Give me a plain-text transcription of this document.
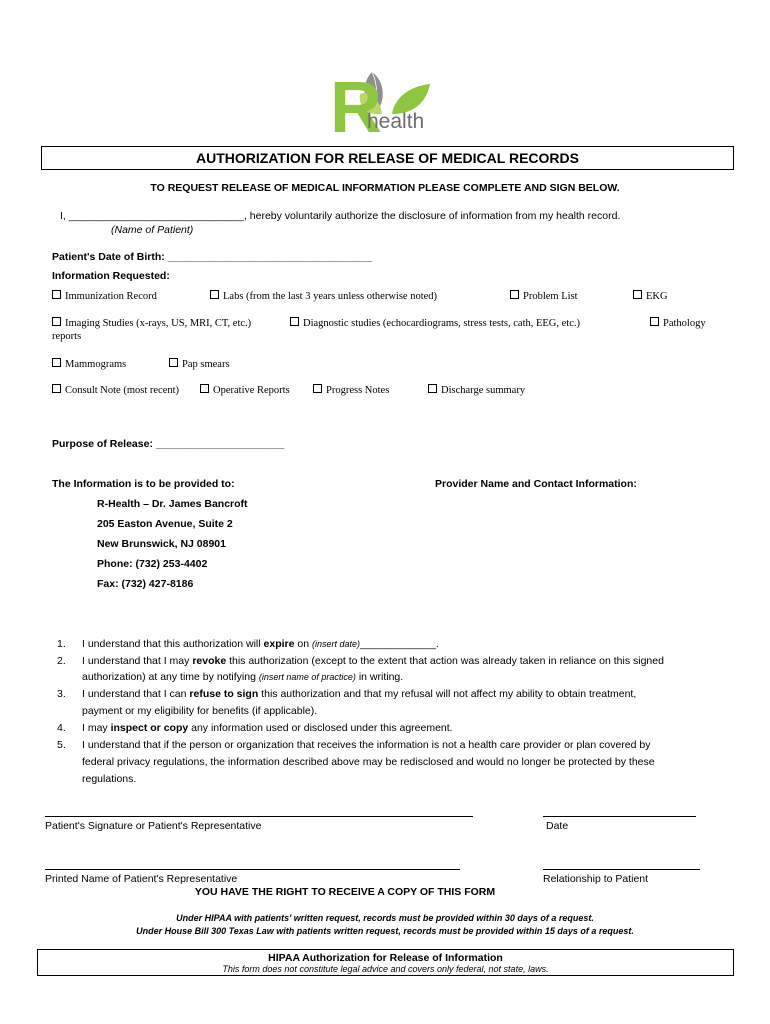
R
health
AUTHORIZATION FOR RELEASE OF MEDICAL RECORDS
TO REQUEST RELEASE OF MEDICAL INFORMATION PLEASE COMPLETE AND SIGN BELOW.
I, ______________________________, hereby voluntarily authorize the disclosure of information from my health record.
(Name of Patient)
Patient's Date of Birth: ___________________________________
Information Requested:
Immunization Record	Labs (from the last 3 years unless otherwise noted)	Problem List	EKG
Imaging Studies (x-rays, US, MRI, CT, etc.)
reports
Diagnostic studies (echocardiograms, stress tests, cath, EEG, etc.)	Pathology
Mammograms	Pap smears
Consult Note (most recent)	Operative Reports	Progress Notes	Discharge summary
Purpose of Release: ______________________
The Information is to be provided to:	Provider Name and Contact Information:
R-Health – Dr. James Bancroft
205 Easton Avenue, Suite 2
New Brunswick, NJ 08901
Phone: (732) 253-4402
Fax: (732) 427-8186
1. I understand that this authorization will expire on (insert date)_____________.
2. I understand that I may revoke this authorization (except to the extent that action was already taken in reliance on this signed
authorization) at any time by notifying (insert name of practice) in writing.
3. I understand that I can refuse to sign this authorization and that my refusal will not affect my ability to obtain treatment,
payment or my eligibility for benefits (if applicable).
4. I may inspect or copy any information used or disclosed under this agreement.
5. I understand that if the person or organization that receives the information is not a health care provider or plan covered by
federal privacy regulations, the information described above may be redisclosed and would no longer be protected by these
regulations.
Patient's Signature or Patient's Representative	Date
Printed Name of Patient's Representative	Relationship to Patient
YOU HAVE THE RIGHT TO RECEIVE A COPY OF THIS FORM
Under HIPAA with patients' written request, records must be provided within 30 days of a request.
Under House Bill 300 Texas Law with patients written request, records must be provided within 15 days of a request.
HIPAA Authorization for Release of Information
This form does not constitute legal advice and covers only federal, not state, laws.
